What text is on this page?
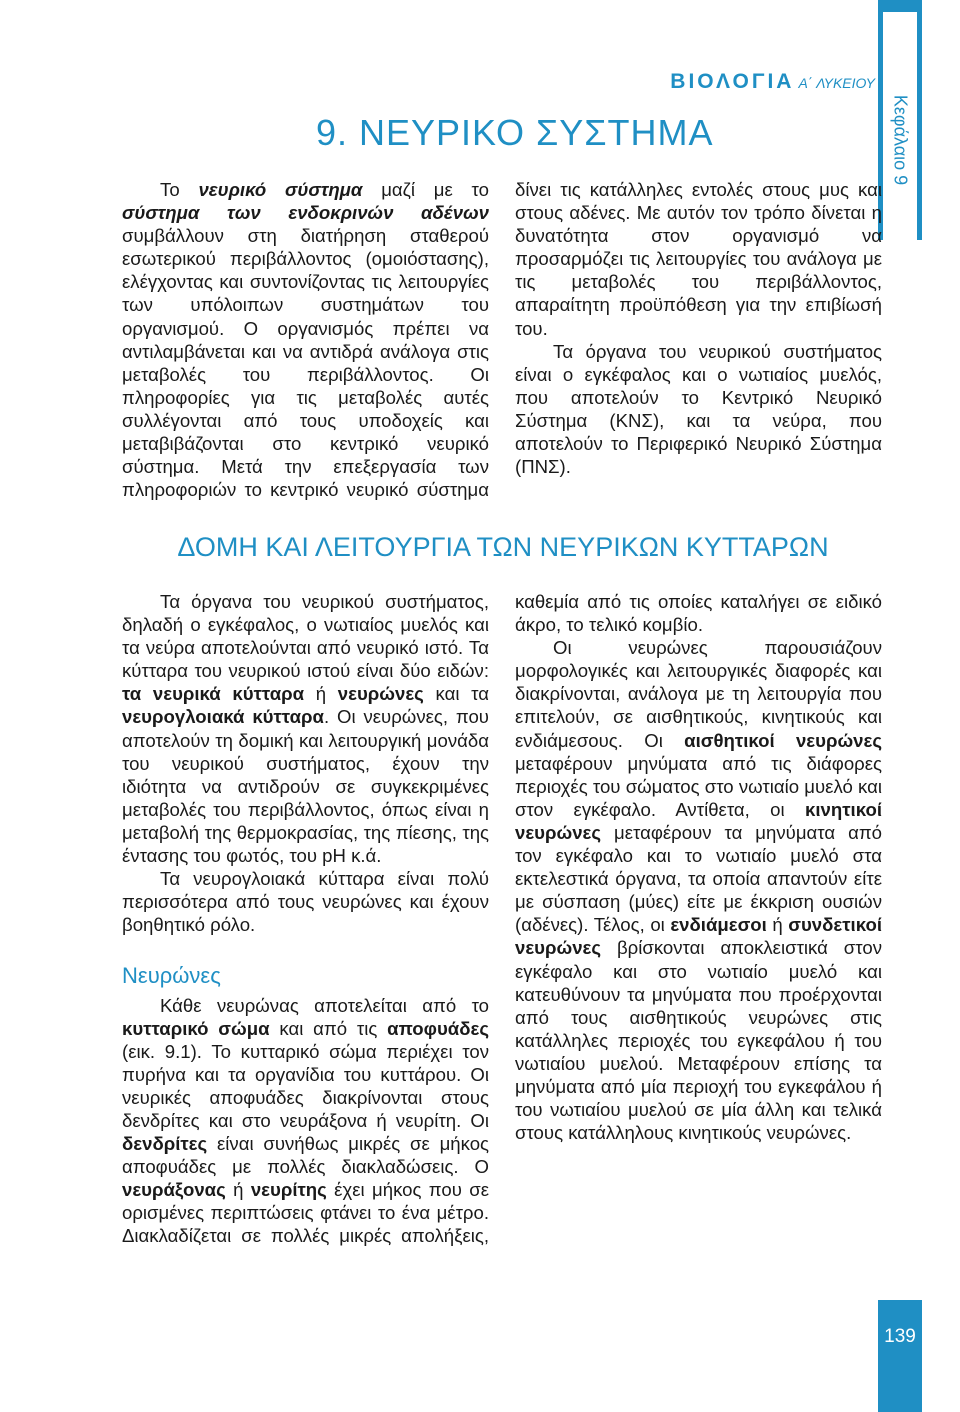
Κεφάλαιο 9
ΒΙΟΛΟΓΙΑ Α΄ ΛΥΚΕΙΟΥ
9. ΝΕΥΡΙΚΟ ΣΥΣΤΗΜΑ

Το νευρικό σύστημα μαζί με το σύστημα των ενδοκρινών αδένων συμβάλλουν στη διατήρηση σταθερού εσωτερικού περιβάλλοντος (ομοιόστασης), ελέγχοντας και συντονίζοντας τις λειτουργίες των υπόλοιπων συστημάτων του οργανισμού. Ο οργανισμός πρέπει να αντιλαμβάνεται και να αντιδρά ανάλογα στις μεταβολές του περιβάλλοντος. Οι πληροφορίες για τις μεταβολές αυτές συλλέγονται από τους υποδοχείς και μεταβιβάζονται στο κεντρικό νευρικό σύστημα. Μετά την επεξεργασία των πληροφοριών το κεντρικό νευρικό σύστημα δίνει τις κατάλληλες εντολές στους μυς και στους αδένες. Με αυτόν τον τρόπο δίνεται η δυνατότητα στον οργανισμό να προσαρμόζει τις λειτουργίες του ανάλογα με τις μεταβολές του περιβάλλοντος, απαραίτητη προϋπόθεση για την επιβίωσή του.

Τα όργανα του νευρικού συστήματος είναι ο εγκέφαλος και ο νωτιαίος μυελός, που αποτελούν το Κεντρικό Νευρικό Σύστημα (ΚΝΣ), και τα νεύρα, που αποτελούν το Περιφερικό Νευρικό Σύστημα (ΠΝΣ).

ΔΟΜΗ ΚΑΙ ΛΕΙΤΟΥΡΓΙΑ ΤΩΝ ΝΕΥΡΙΚΩΝ ΚΥΤΤΑΡΩΝ

Τα όργανα του νευρικού συστήματος, δηλαδή ο εγκέφαλος, ο νωτιαίος μυελός και τα νεύρα αποτελούνται από νευρικό ιστό. Τα κύτταρα του νευρικού ιστού είναι δύο ειδών: τα νευρικά κύτταρα ή νευρώνες και τα νευρογλοιακά κύτταρα. Οι νευρώνες, που αποτελούν τη δομική και λειτουργική μονάδα του νευρικού συστήματος, έχουν την ιδιότητα να αντιδρούν σε συγκεκριμένες μεταβολές του περιβάλλοντος, όπως είναι η μεταβολή της θερμοκρασίας, της πίεσης, της έντασης του φωτός, του pH κ.ά.

Τα νευρογλοιακά κύτταρα είναι πολύ περισσότερα από τους νευρώνες και έχουν βοηθητικό ρόλο.

Νευρώνες

Κάθε νευρώνας αποτελείται από το κυτταρικό σώμα και από τις αποφυάδες (εικ. 9.1). Το κυτταρικό σώμα περιέχει τον πυρήνα και τα οργανίδια του κυττάρου. Οι νευρικές αποφυάδες διακρίνονται στους δενδρίτες και στο νευράξονα ή νευρίτη. Οι δενδρίτες είναι συνήθως μικρές σε μήκος αποφυάδες με πολλές διακλαδώσεις. Ο νευράξονας ή νευρίτης έχει μήκος που σε ορισμένες περιπτώσεις φτάνει το ένα μέτρο. Διακλαδίζεται σε πολλές μικρές απολήξεις, καθεμία από τις οποίες καταλήγει σε ειδικό άκρο, το τελικό κομβίο.

Οι νευρώνες παρουσιάζουν μορφολογικές και λειτουργικές διαφορές και διακρίνονται, ανάλογα με τη λειτουργία που επιτελούν, σε αισθητικούς, κινητικούς και ενδιάμεσους. Οι αισθητικοί νευρώνες μεταφέρουν μηνύματα από τις διάφορες περιοχές του σώματος στο νωτιαίο μυελό και στον εγκέφαλο. Αντίθετα, οι κινητικοί νευρώνες μεταφέρουν τα μηνύματα από τον εγκέφαλο και το νωτιαίο μυελό στα εκτελεστικά όργανα, τα οποία απαντούν είτε με σύσπαση (μύες) είτε με έκκριση ουσιών (αδένες). Τέλος, οι ενδιάμεσοι ή συνδετικοί νευρώνες βρίσκονται αποκλειστικά στον εγκέφαλο και στο νωτιαίο μυελό και κατευθύνουν τα μηνύματα που προέρχονται από τους αισθητικούς νευρώνες στις κατάλληλες περιοχές του εγκεφάλου ή του νωτιαίου μυελού. Μεταφέρουν επίσης τα μηνύματα από μία περιοχή του εγκεφάλου ή του νωτιαίου μυελού σε μία άλλη και τελικά στους κατάλληλους κινητικούς νευρώνες.

139
